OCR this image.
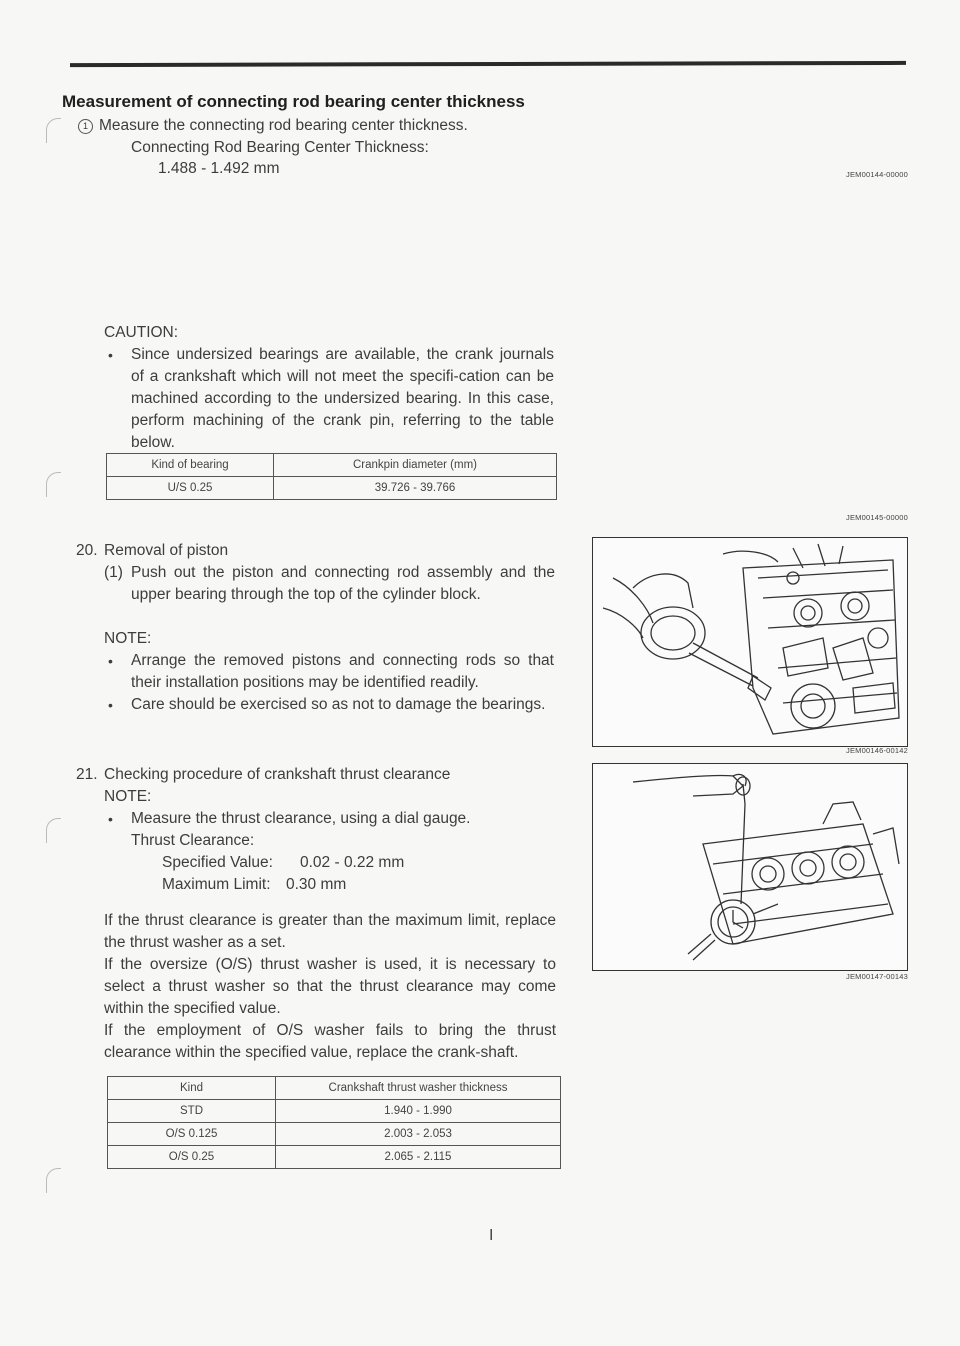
Measurement of connecting rod bearing center thickness
1 Measure the connecting rod bearing center thickness.
Connecting Rod Bearing Center Thickness:
1.488 - 1.492 mm	JEM00144-00000
CAUTION:
• Since undersized bearings are available, the crank journals of a crankshaft which will not meet the specifi-cation can be machined according to the undersized bearing. In this case, perform machining of the crank pin, referring to the table below.
Kind of bearing	Crankpin diameter (mm)
U/S 0.25	39.726 - 39.766
JEM00145-00000
20. Removal of piston
(1) Push out the piston and connecting rod assembly and the upper bearing through the top of the cylinder block.
NOTE:
• Arrange the removed pistons and connecting rods so that their installation positions may be identified readily.
• Care should be exercised so as not to damage the bearings.
JEM00146-00142
21. Checking procedure of crankshaft thrust clearance
NOTE:
• Measure the thrust clearance, using a dial gauge.
Thrust Clearance:
Specified Value: 0.02 - 0.22 mm
Maximum Limit: 0.30 mm
If the thrust clearance is greater than the maximum limit, replace the thrust washer as a set.
If the oversize (O/S) thrust washer is used, it is necessary to select a thrust washer so that the thrust clearance may come within the specified value.
If the employment of O/S washer fails to bring the thrust clearance within the specified value, replace the crank-shaft.
JEM00147-00143
Kind	Crankshaft thrust washer thickness
STD	1.940 - 1.990
O/S 0.125	2.003 - 2.053
O/S 0.25	2.065 - 2.115
I
